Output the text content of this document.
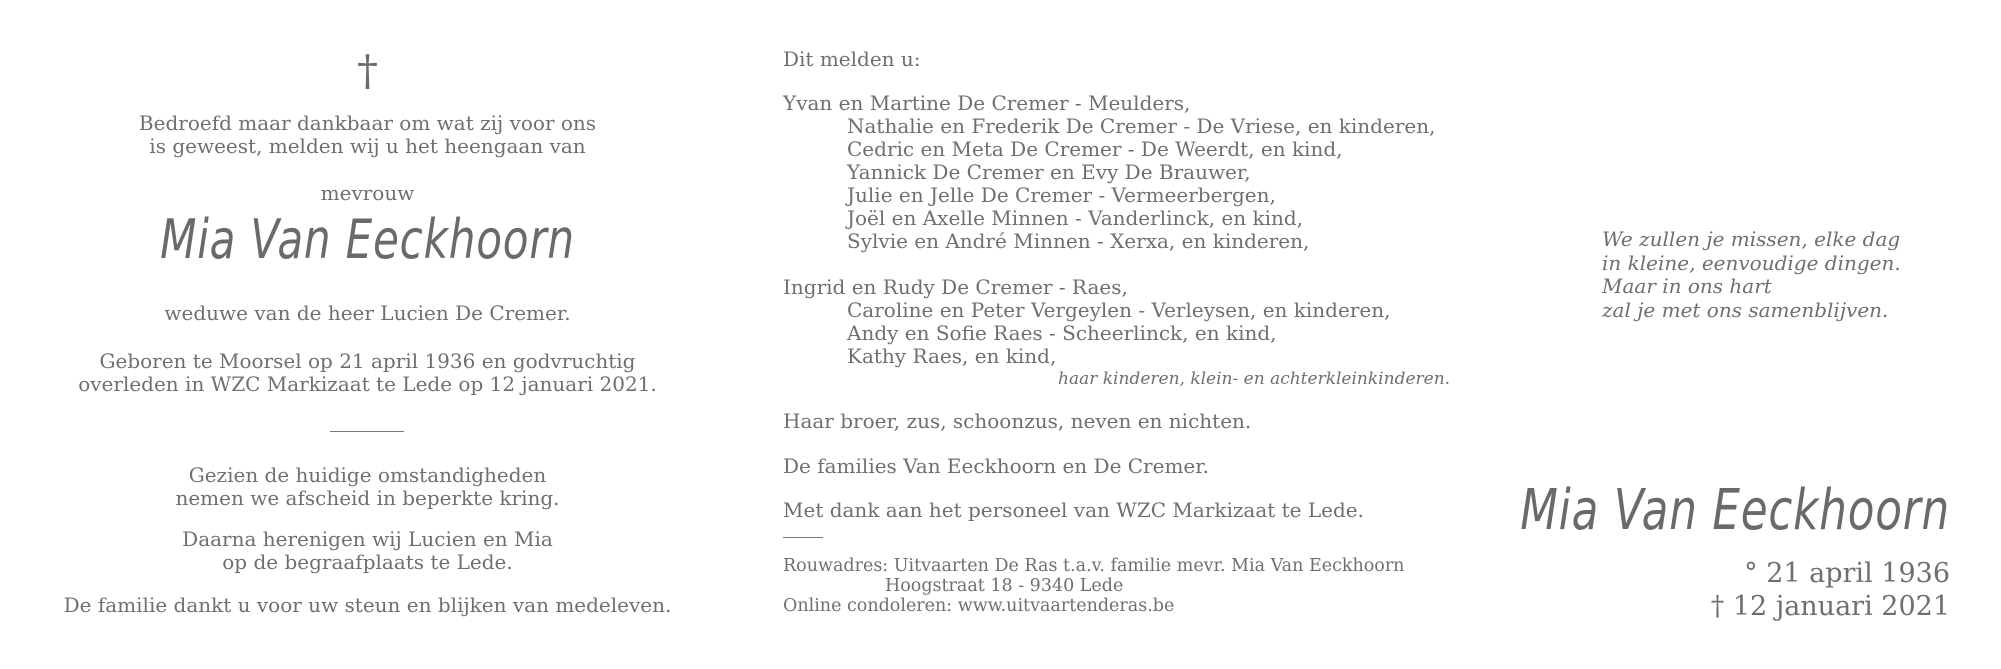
†
Bedroefd maar dankbaar om wat zij voor ons
is geweest, melden wij u het heengaan van
mevrouw
Mia Van Eeckhoorn
weduwe van de heer Lucien De Cremer.
Geboren te Moorsel op 21 april 1936 en godvruchtig
overleden in WZC Markizaat te Lede op 12 januari 2021.
Gezien de huidige omstandigheden
nemen we afscheid in beperkte kring.
Daarna herenigen wij Lucien en Mia
op de begraafplaats te Lede.
De familie dankt u voor uw steun en blijken van medeleven.
Dit melden u:
Yvan en Martine De Cremer - Meulders,
Nathalie en Frederik De Cremer - De Vriese, en kinderen,
Cedric en Meta De Cremer - De Weerdt, en kind,
Yannick De Cremer en Evy De Brauwer,
Julie en Jelle De Cremer - Vermeerbergen,
Joël en Axelle Minnen - Vanderlinck, en kind,
Sylvie en André Minnen - Xerxa, en kinderen,
Ingrid en Rudy De Cremer - Raes,
Caroline en Peter Vergeylen - Verleysen, en kinderen,
Andy en Sofie Raes - Scheerlinck, en kind,
Kathy Raes, en kind,
haar kinderen, klein- en achterkleinkinderen.
Haar broer, zus, schoonzus, neven en nichten.
De families Van Eeckhoorn en De Cremer.
Met dank aan het personeel van WZC Markizaat te Lede.
Rouwadres: Uitvaarten De Ras t.a.v. familie mevr. Mia Van Eeckhoorn
Hoogstraat 18 - 9340 Lede
Online condoleren: www.uitvaartenderas.be
We zullen je missen, elke dag
in kleine, eenvoudige dingen.
Maar in ons hart
zal je met ons samenblijven.
Mia Van Eeckhoorn
° 21 april 1936
† 12 januari 2021
